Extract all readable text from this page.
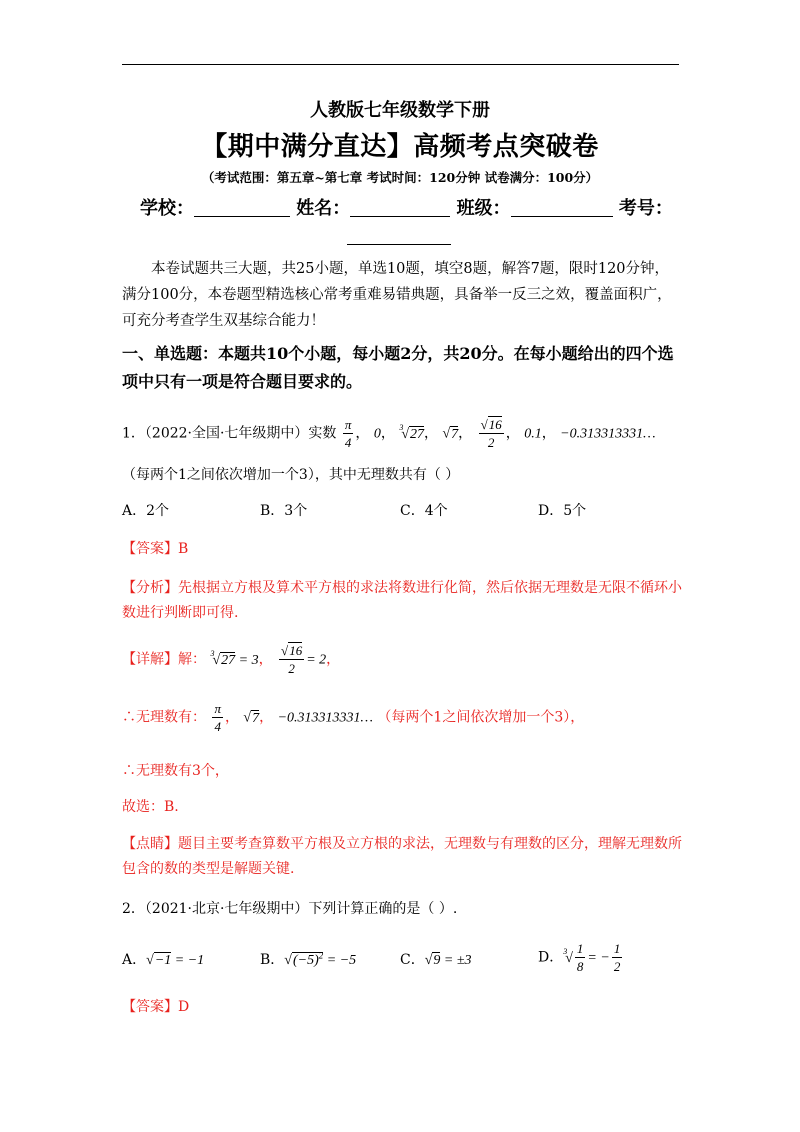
人教版七年级数学下册
【期中满分直达】高频考点突破卷
（考试范围：第五章~第七章 考试时间：120分钟 试卷满分：100分）
学校：	姓名：	班级：	考号：
本卷试题共三大题，共25小题，单选10题，填空8题，解答7题，限时120分钟，满分100分，本卷题型精选核心常考重难易错典题，具备举一反三之效，覆盖面积广，可充分考查学生双基综合能力！
一、单选题：本题共10个小题，每小题2分，共20分。在每小题给出的四个选项中只有一项是符合题目要求的。
1．（2022·全国·七年级期中）实数 $\frac{\pi}{4}$ ， 0， $^3$√27， √7， $\frac{√16}{2}$ ， 0.1， −0.313313331…
（每两个1之间依次增加一个3），其中无理数共有（ ）
A．2个	B．3个	C．4个	D．5个
【答案】B
【分析】先根据立方根及算术平方根的求法将数进行化简，然后依据无理数是无限不循环小数进行判断即可得.
【详解】解： $^3$√27 = 3， $\frac{√16}{2} = 2$，
∴无理数有： $\frac{\pi}{4}$ ， √7， −0.313313331… （每两个1之间依次增加一个3），
∴无理数有3个，
故选：B.
【点睛】题目主要考查算数平方根及立方根的求法，无理数与有理数的区分，理解无理数所包含的数的类型是解题关键.
2．（2021·北京·七年级期中）下列计算正确的是（ ）.
A．√−1 = −1	B．$√(-5)^2 = -5$	C．√9 = ±3	D．$^3√ \frac{1}{8}$ = − $\frac{1}{2}$
【答案】D
